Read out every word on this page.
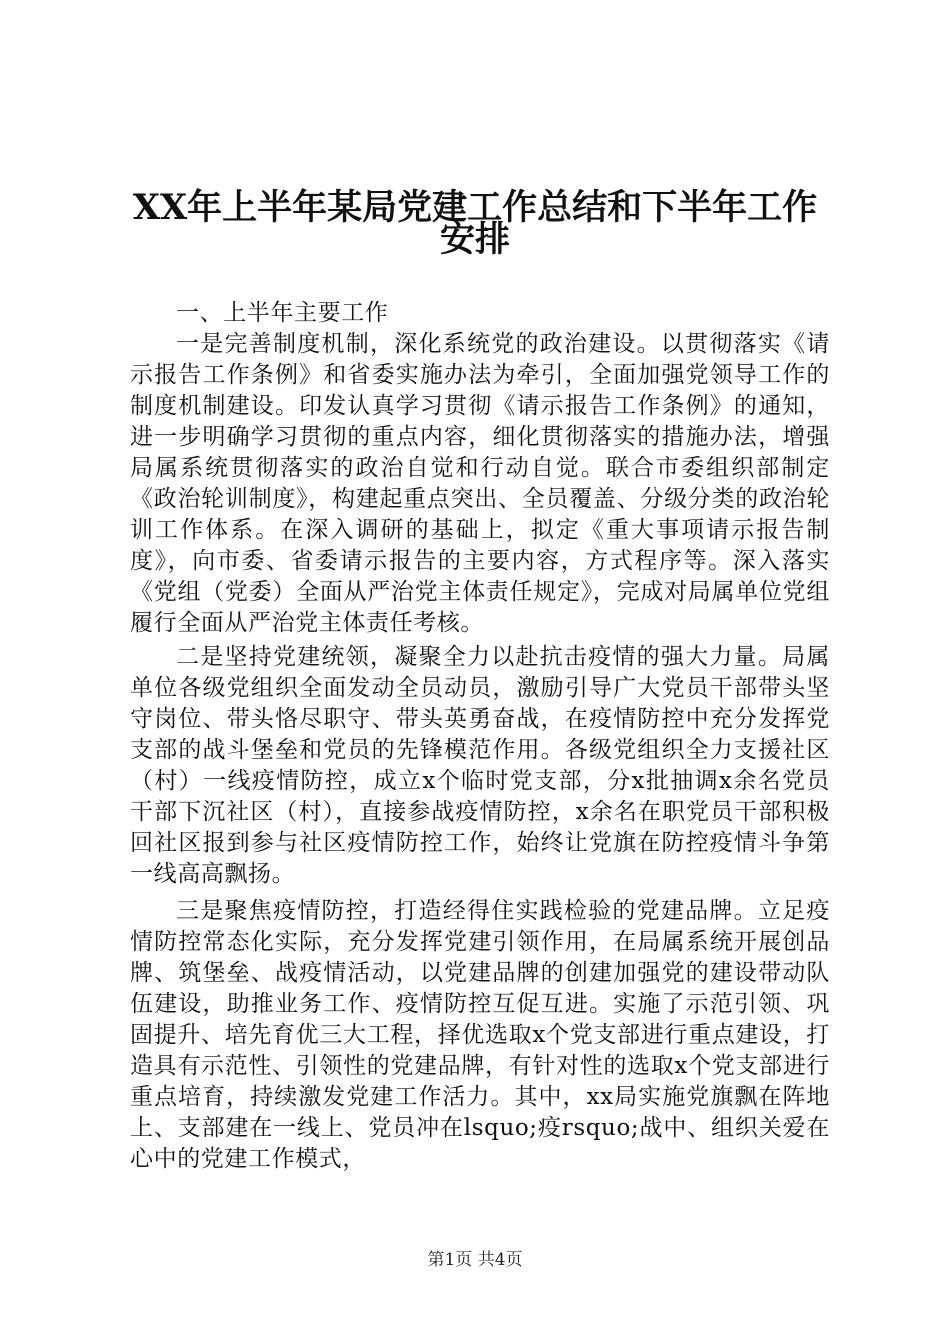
XX年上半年某局党建工作总结和下半年工作
安排

一、上半年主要工作

一是完善制度机制，深化系统党的政治建设。以贯彻落实《请示报告工作条例》和省委实施办法为牵引，全面加强党领导工作的制度机制建设。印发认真学习贯彻《请示报告工作条例》的通知，进一步明确学习贯彻的重点内容，细化贯彻落实的措施办法，增强局属系统贯彻落实的政治自觉和行动自觉。联合市委组织部制定《政治轮训制度》，构建起重点突出、全员覆盖、分级分类的政治轮训工作体系。在深入调研的基础上，拟定《重大事项请示报告制度》，向市委、省委请示报告的主要内容，方式程序等。深入落实《党组（党委）全面从严治党主体责任规定》，完成对局属单位党组履行全面从严治党主体责任考核。

二是坚持党建统领，凝聚全力以赴抗击疫情的强大力量。局属单位各级党组织全面发动全员动员，激励引导广大党员干部带头坚守岗位、带头恪尽职守、带头英勇奋战，在疫情防控中充分发挥党支部的战斗堡垒和党员的先锋模范作用。各级党组织全力支援社区（村）一线疫情防控，成立x个临时党支部，分x批抽调x余名党员干部下沉社区（村），直接参战疫情防控，x余名在职党员干部积极回社区报到参与社区疫情防控工作，始终让党旗在防控疫情斗争第一线高高飘扬。

三是聚焦疫情防控，打造经得住实践检验的党建品牌。立足疫情防控常态化实际，充分发挥党建引领作用，在局属系统开展创品牌、筑堡垒、战疫情活动，以党建品牌的创建加强党的建设带动队伍建设，助推业务工作、疫情防控互促互进。实施了示范引领、巩固提升、培先育优三大工程，择优选取x个党支部进行重点建设，打造具有示范性、引领性的党建品牌，有针对性的选取x个党支部进行重点培育，持续激发党建工作活力。其中，xx局实施党旗飘在阵地上、支部建在一线上、党员冲在lsquo;疫rsquo;战中、组织关爱在心中的党建工作模式，

第1页 共4页
